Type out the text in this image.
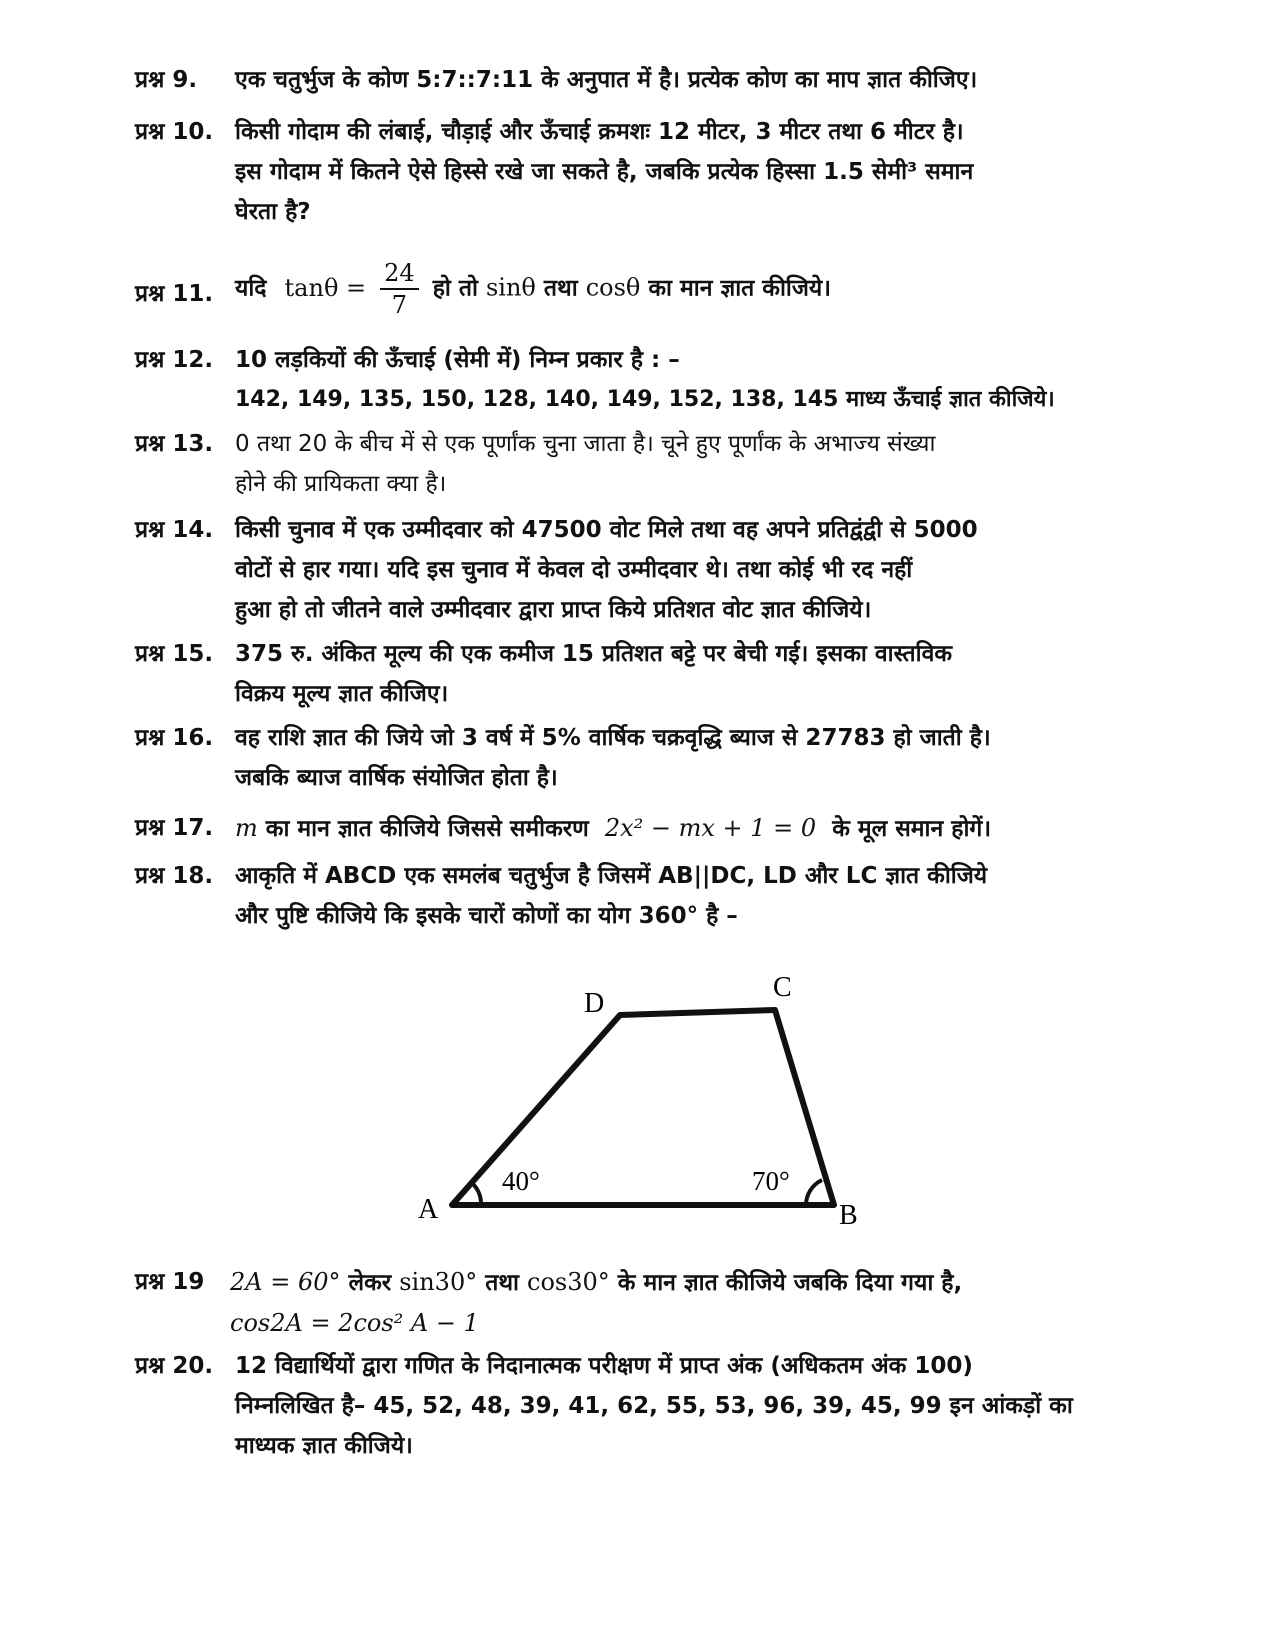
प्रश्न 9. एक चतुर्भुज के कोण 5:7::7:11 के अनुपात में है। प्रत्येक कोण का माप ज्ञात कीजिए।
प्रश्न 10. किसी गोदाम की लंबाई, चौड़ाई और ऊँचाई क्रमशः 12 मीटर, 3 मीटर तथा 6 मीटर है।
इस गोदाम में कितने ऐसे हिस्से रखे जा सकते है, जबकि प्रत्येक हिस्सा 1.5 सेमी³ समान
घेरता है?
प्रश्न 11. यदि $\tan\theta = \frac{24}{7}$ हो तो sinθ तथा cosθ का मान ज्ञात कीजिये।
प्रश्न 12. 10 लड़कियों की ऊँचाई (सेमी में) निम्न प्रकार है : –
142, 149, 135, 150, 128, 140, 149, 152, 138, 145 माध्य ऊँचाई ज्ञात कीजिये।
प्रश्न 13. 0 तथा 20 के बीच में से एक पूर्णांक चुना जाता है। चूने हुए पूर्णांक के अभाज्य संख्या
होने की प्रायिकता क्या है।
प्रश्न 14. किसी चुनाव में एक उम्मीदवार को 47500 वोट मिले तथा वह अपने प्रतिद्वंद्वी से 5000
वोटों से हार गया। यदि इस चुनाव में केवल दो उम्मीदवार थे। तथा कोई भी रद नहीं
हुआ हो तो जीतने वाले उम्मीदवार द्वारा प्राप्त किये प्रतिशत वोट ज्ञात कीजिये।
प्रश्न 15. 375 रु. अंकित मूल्य की एक कमीज 15 प्रतिशत बट्टे पर बेची गई। इसका वास्तविक
विक्रय मूल्य ज्ञात कीजिए।
प्रश्न 16. वह राशि ज्ञात की जिये जो 3 वर्ष में 5% वार्षिक चक्रवृद्धि ब्याज से 27783 हो जाती है।
जबकि ब्याज वार्षिक संयोजित होता है।
प्रश्न 17. m का मान ज्ञात कीजिये जिससे समीकरण 2x² − mx + 1 = 0 के मूल समान होगें।
प्रश्न 18. आकृति में ABCD एक समलंब चतुर्भुज है जिसमें AB||DC, LD और LC ज्ञात कीजिये
और पुष्टि कीजिये कि इसके चारों कोणों का योग 360° है –
A	B
C
D
40°	70°
प्रश्न 19 2A = 60° लेकर sin30° तथा cos30° के मान ज्ञात कीजिये जबकि दिया गया है,
cos2A = 2cos² A − 1
प्रश्न 20. 12 विद्यार्थियों द्वारा गणित के निदानात्मक परीक्षण में प्राप्त अंक (अधिकतम अंक 100)
निम्नलिखित है– 45, 52, 48, 39, 41, 62, 55, 53, 96, 39, 45, 99 इन आंकड़ों का
माध्यक ज्ञात कीजिये।
